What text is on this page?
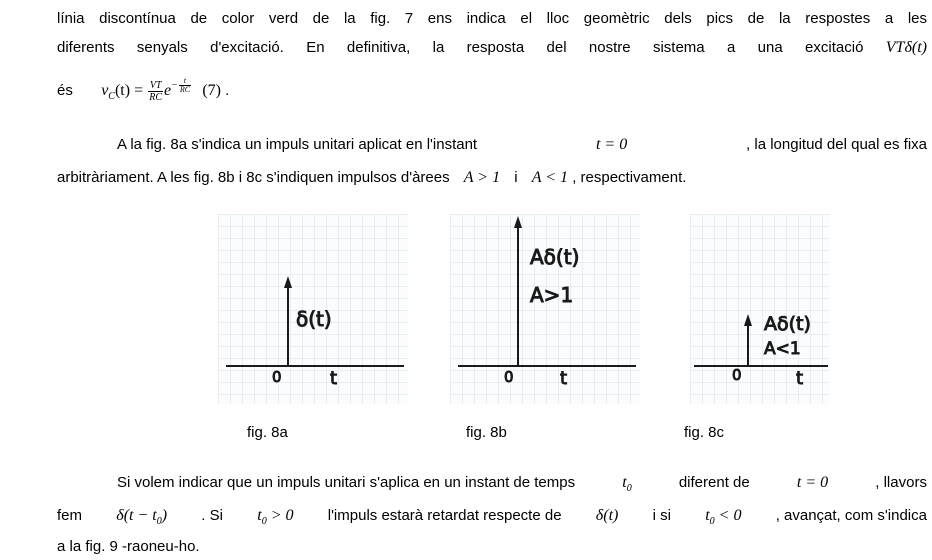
línia discontínua de color verd de la fig. 7 ens indica el lloc geomètric dels pics de la respostes a les
diferents senyals d'excitació. En definitiva, la resposta del nostre sistema a una excitació VTδ(t)
és $v_C(t) = \frac{VT}{RC} e^{- \frac{t}{RC}}$ (7) .
A la fig. 8a s'indica un impuls unitari aplicat en l'instant	t = 0	, la longitud del qual es fixa
arbitràriament. A les fig. 8b i 8c s'indiquen impulsos d'àrees A > 1 i A < 1 , respectivament.
δ(t)
0	t
fig. 8a
Aδ(t)
A>1
0	t
fig. 8b
Aδ(t)
A<1
0	t
fig. 8c
Si volem indicar que un impuls unitari s'aplica en un instant de temps	$t_0$	diferent de	t = 0	, llavors
fem $\delta(t - t_0)$ . Si $t_0 > 0$ l'impuls estarà retardat respecte de δ(t) i si $t_0 < 0$ , avançat, com s'indica
a la fig. 9 -raoneu-ho.
